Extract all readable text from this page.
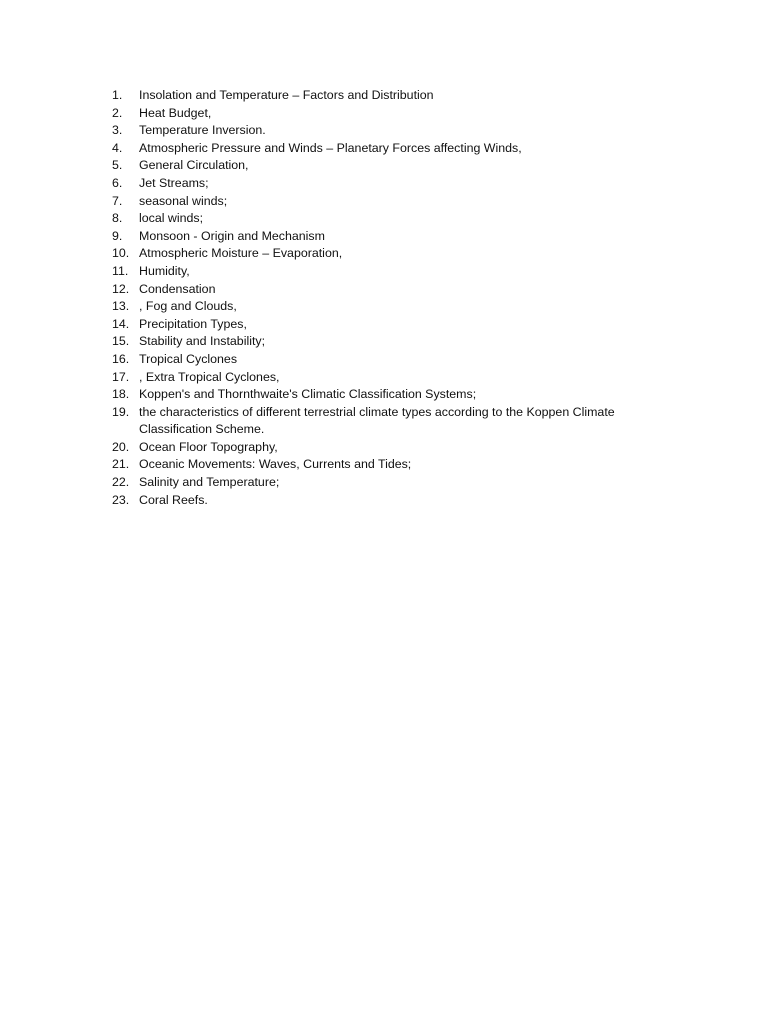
1.	Insolation and Temperature – Factors and Distribution
2.	Heat Budget,
3.	Temperature Inversion.
4.	Atmospheric Pressure and Winds – Planetary Forces affecting Winds,
5.	General Circulation,
6.	Jet Streams;
7.	seasonal winds;
8.	local winds;
9.	Monsoon - Origin and Mechanism
10. Atmospheric Moisture – Evaporation,
11. Humidity,
12. Condensation
13. , Fog and Clouds,
14. Precipitation Types,
15. Stability and Instability;
16. Tropical Cyclones
17. , Extra Tropical Cyclones,
18. Koppen's and Thornthwaite's Climatic Classification Systems;
19. the characteristics of different terrestrial climate types according to the Koppen Climate Classification Scheme.
20. Ocean Floor Topography,
21. Oceanic Movements: Waves, Currents and Tides;
22. Salinity and Temperature;
23. Coral Reefs.
